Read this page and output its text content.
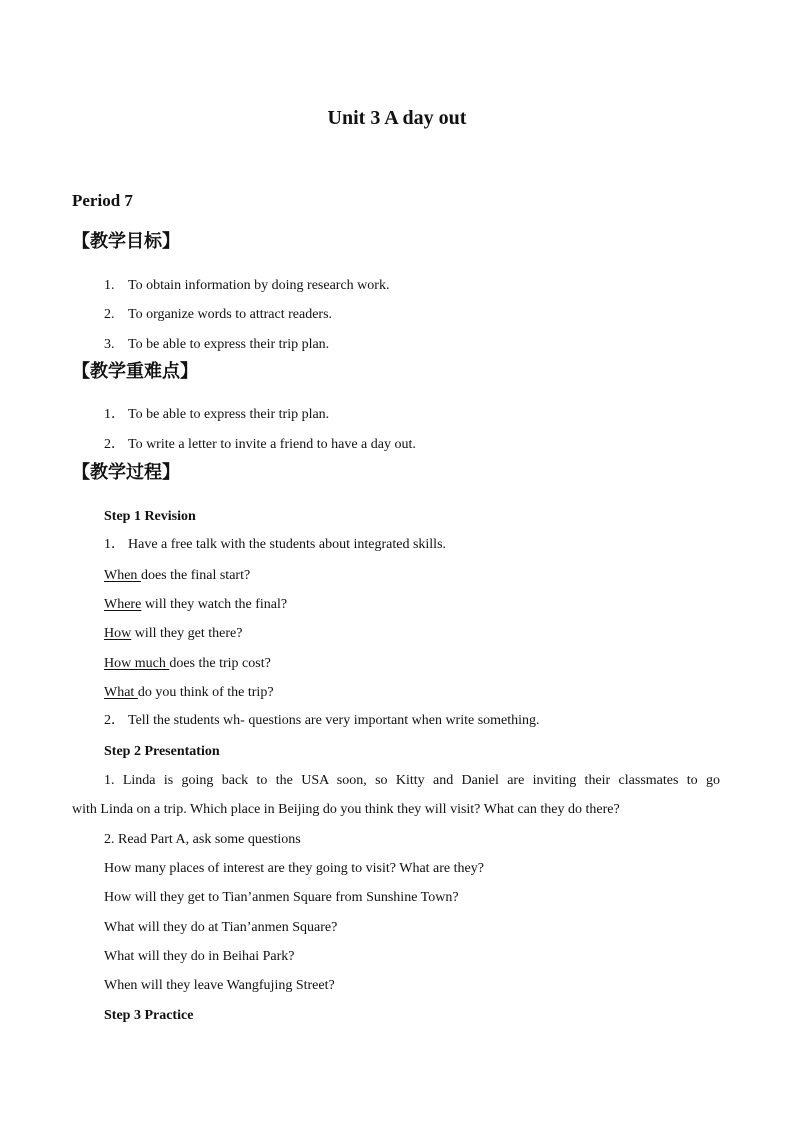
Unit 3 A day out
Period 7
【教学目标】
1. To obtain information by doing research work.
2. To organize words to attract readers.
3. To be able to express their trip plan.
【教学重难点】
1． To be able to express their trip plan.
2． To write a letter to invite a friend to have a day out.
【教学过程】
Step 1 Revision
1． Have a free talk with the students about integrated skills.
When does the final start?
Where will they watch the final?
How will they get there?
How much does the trip cost?
What do you think of the trip?
2． Tell the students wh- questions are very important when write something.
Step 2 Presentation
1. Linda is going back to the USA soon, so Kitty and Daniel are inviting their classmates to go
with Linda on a trip. Which place in Beijing do you think they will visit? What can they do there?
2. Read Part A, ask some questions
How many places of interest are they going to visit? What are they?
How will they get to Tian’anmen Square from Sunshine Town?
What will they do at Tian’anmen Square?
What will they do in Beihai Park?
When will they leave Wangfujing Street?
Step 3 Practice
